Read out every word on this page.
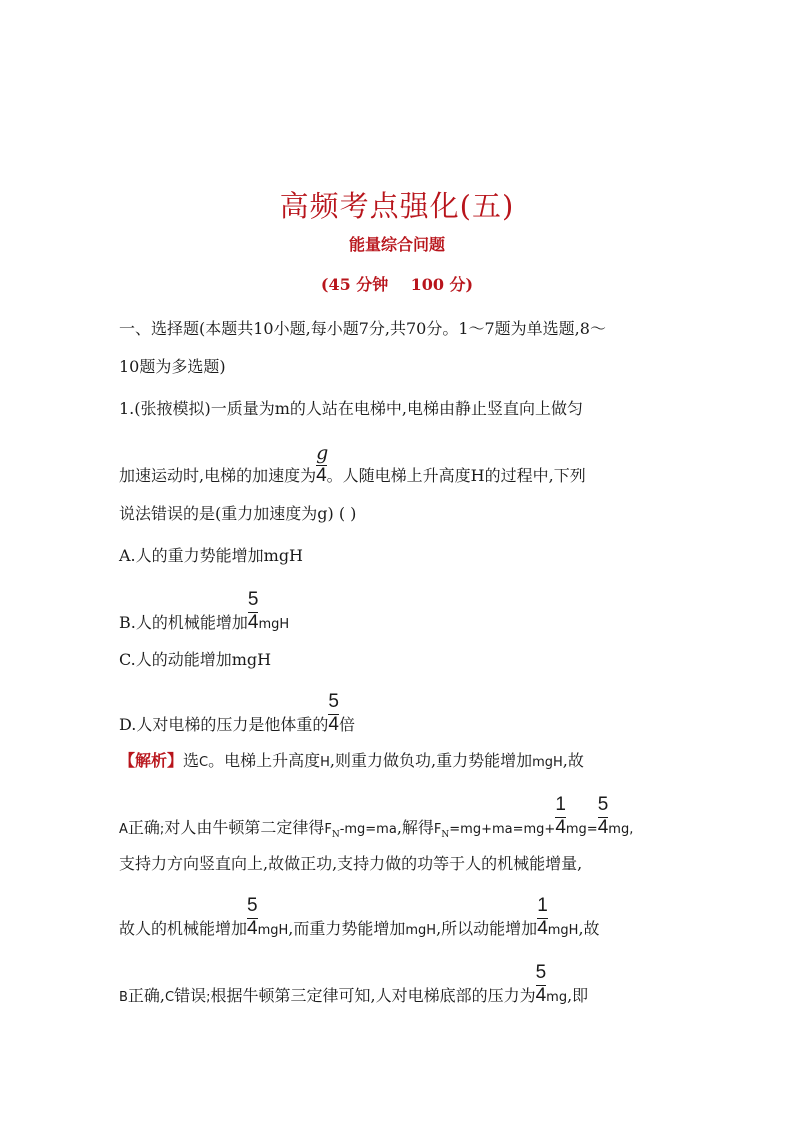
高频考点强化(五)
能量综合问题
(45 分钟    100 分)
一、选择题(本题共10小题,每小题7分,共70分。1～7题为单选题,8～
10题为多选题)
1.(张掖模拟)一质量为m的人站在电梯中,电梯由静止竖直向上做匀
加速运动时,电梯的加速度为 $\frac{g}{4}$。人随电梯上升高度H的过程中,下列
说法错误的是(重力加速度为g) ( )
A.人的重力势能增加mgH
B.人的机械能增加 $\frac{5}{4}mgH$
C.人的动能增加mgH
D.人对电梯的压力是他体重的 $\frac{5}{4}$倍
【解析】选C。电梯上升高度H,则重力做负功,重力势能增加mgH,故
A正确;对人由牛顿第二定律得$F_N-mg=ma$,解得$F_N=mg+ma=mg+ \frac{1}{4}mg= \frac{5}{4}mg$,
支持力方向竖直向上,故做正功,支持力做的功等于人的机械能增量,
故人的机械能增加 $\frac{5}{4}mgH$,而重力势能增加mgH,所以动能增加 $\frac{1}{4}mgH$,故
B正确,C错误;根据牛顿第三定律可知,人对电梯底部的压力为 $\frac{5}{4}mg$,即
